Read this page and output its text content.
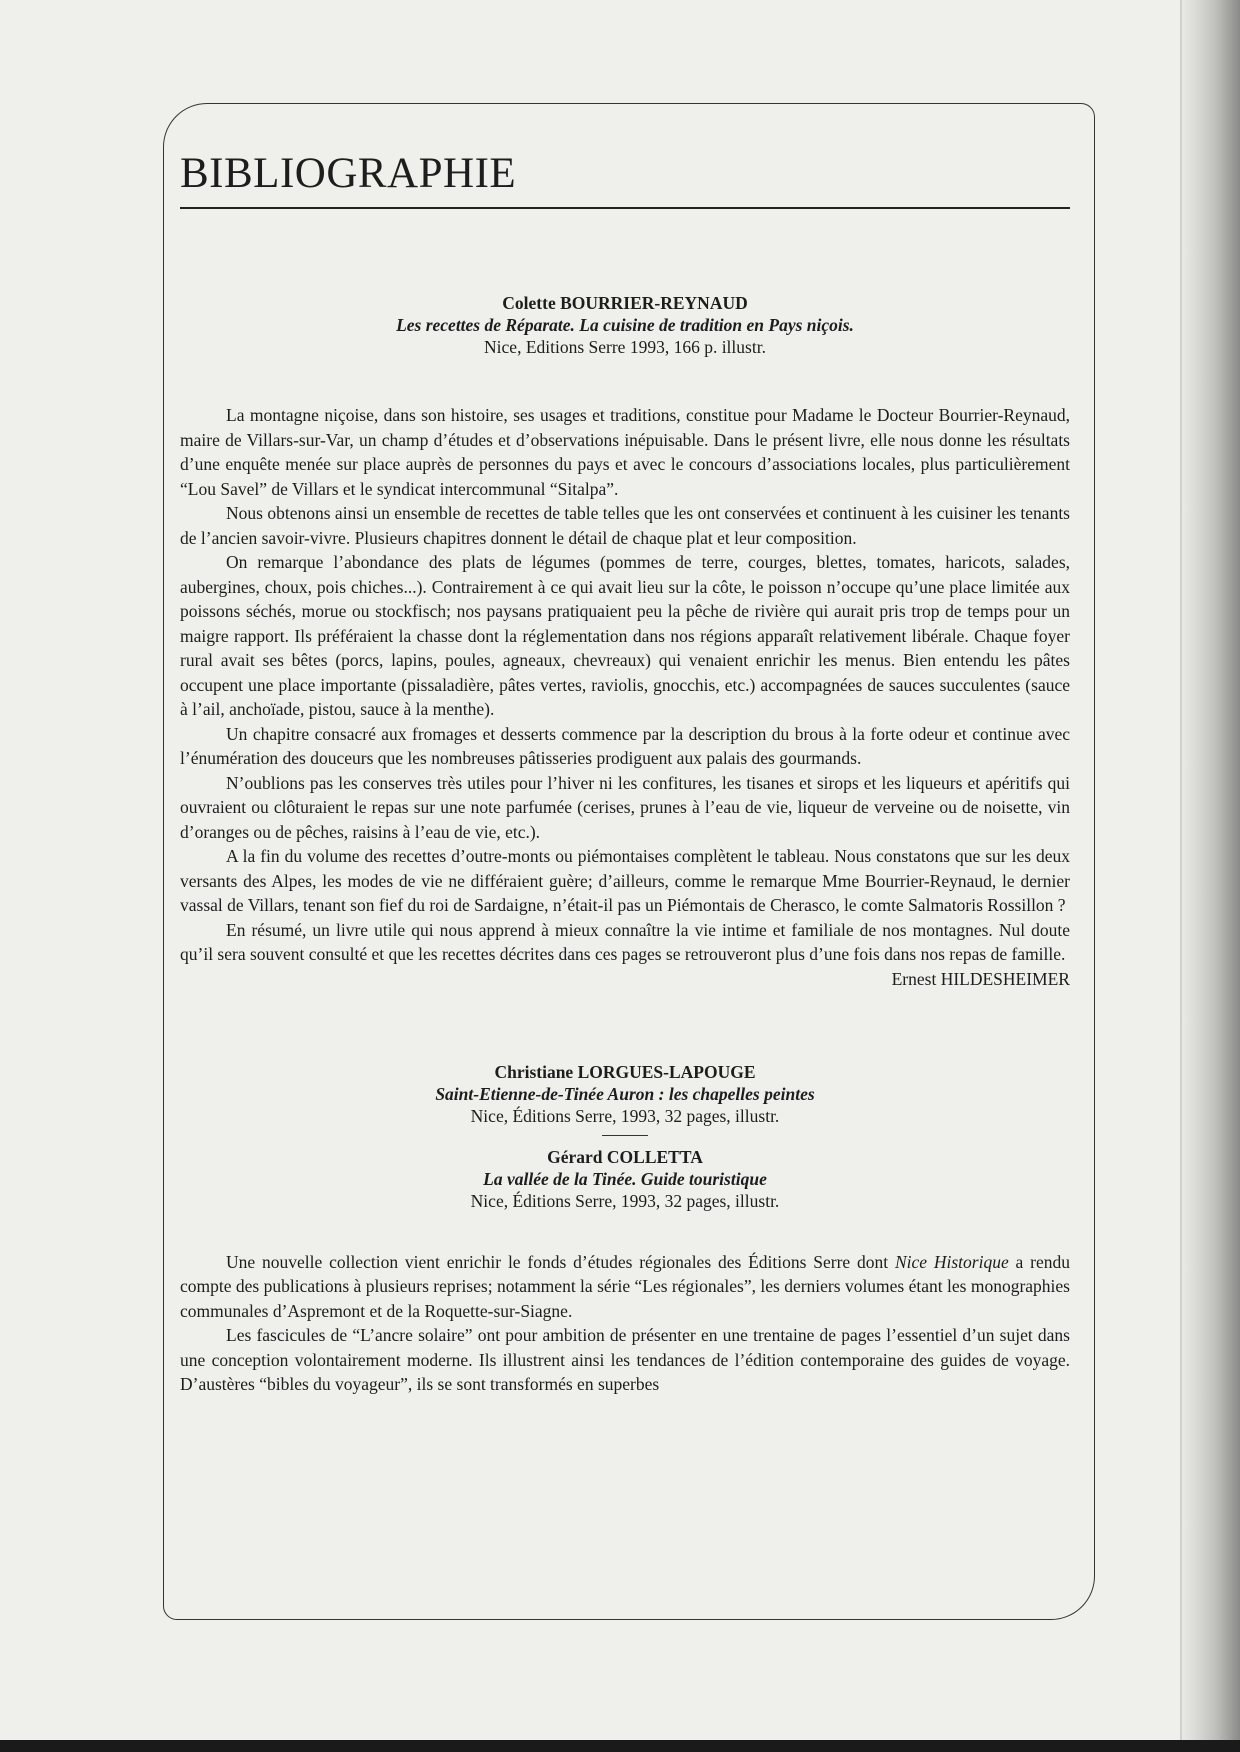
BIBLIOGRAPHIE
Colette BOURRIER-REYNAUD
Les recettes de Réparate. La cuisine de tradition en Pays niçois.
Nice, Editions Serre 1993, 166 p. illustr.

La montagne niçoise, dans son histoire, ses usages et traditions, constitue pour Madame le Docteur Bourrier-Reynaud, maire de Villars-sur-Var, un champ d’études et d’observations inépuisable. Dans le présent livre, elle nous donne les résultats d’une enquête menée sur place auprès de personnes du pays et avec le concours d’associations locales, plus particulièrement “Lou Savel” de Villars et le syndicat intercommunal “Sitalpa”.

Nous obtenons ainsi un ensemble de recettes de table telles que les ont conservées et continuent à les cuisiner les tenants de l’ancien savoir-vivre. Plusieurs chapitres donnent le détail de chaque plat et leur composition.

On remarque l’abondance des plats de légumes (pommes de terre, courges, blettes, tomates, haricots, salades, aubergines, choux, pois chiches...). Contrairement à ce qui avait lieu sur la côte, le poisson n’occupe qu’une place limitée aux poissons séchés, morue ou stockfisch; nos paysans pratiquaient peu la pêche de rivière qui aurait pris trop de temps pour un maigre rapport. Ils préféraient la chasse dont la réglementation dans nos régions apparaît relativement libérale. Chaque foyer rural avait ses bêtes (porcs, lapins, poules, agneaux, chevreaux) qui venaient enrichir les menus. Bien entendu les pâtes occupent une place importante (pissaladière, pâtes vertes, raviolis, gnocchis, etc.) accompagnées de sauces succulentes (sauce à l’ail, anchoïade, pistou, sauce à la menthe).

Un chapitre consacré aux fromages et desserts commence par la description du brous à la forte odeur et continue avec l’énumération des douceurs que les nombreuses pâtisseries prodiguent aux palais des gourmands.

N’oublions pas les conserves très utiles pour l’hiver ni les confitures, les tisanes et sirops et les liqueurs et apéritifs qui ouvraient ou clôturaient le repas sur une note parfumée (cerises, prunes à l’eau de vie, liqueur de verveine ou de noisette, vin d’oranges ou de pêches, raisins à l’eau de vie, etc.).

A la fin du volume des recettes d’outre-monts ou piémontaises complètent le tableau. Nous constatons que sur les deux versants des Alpes, les modes de vie ne différaient guère; d’ailleurs, comme le remarque Mme Bourrier-Reynaud, le dernier vassal de Villars, tenant son fief du roi de Sardaigne, n’était-il pas un Piémontais de Cherasco, le comte Salmatoris Rossillon ?

En résumé, un livre utile qui nous apprend à mieux connaître la vie intime et familiale de nos montagnes. Nul doute qu’il sera souvent consulté et que les recettes décrites dans ces pages se retrouveront plus d’une fois dans nos repas de famille.

Ernest HILDESHEIMER
Christiane LORGUES-LAPOUGE
Saint-Etienne-de-Tinée Auron : les chapelles peintes
Nice, Éditions Serre, 1993, 32 pages, illustr.
Gérard COLLETTA
La vallée de la Tinée. Guide touristique
Nice, Éditions Serre, 1993, 32 pages, illustr.

Une nouvelle collection vient enrichir le fonds d’études régionales des Éditions Serre dont Nice Historique a rendu compte des publications à plusieurs reprises; notamment la série “Les régionales”, les derniers volumes étant les monographies communales d’Aspremont et de la Roquette-sur-Siagne.

Les fascicules de “L’ancre solaire” ont pour ambition de présenter en une trentaine de pages l’essentiel d’un sujet dans une conception volontairement moderne. Ils illustrent ainsi les tendances de l’édition contemporaine des guides de voyage. D’austères “bibles du voyageur”, ils se sont transformés en superbes
